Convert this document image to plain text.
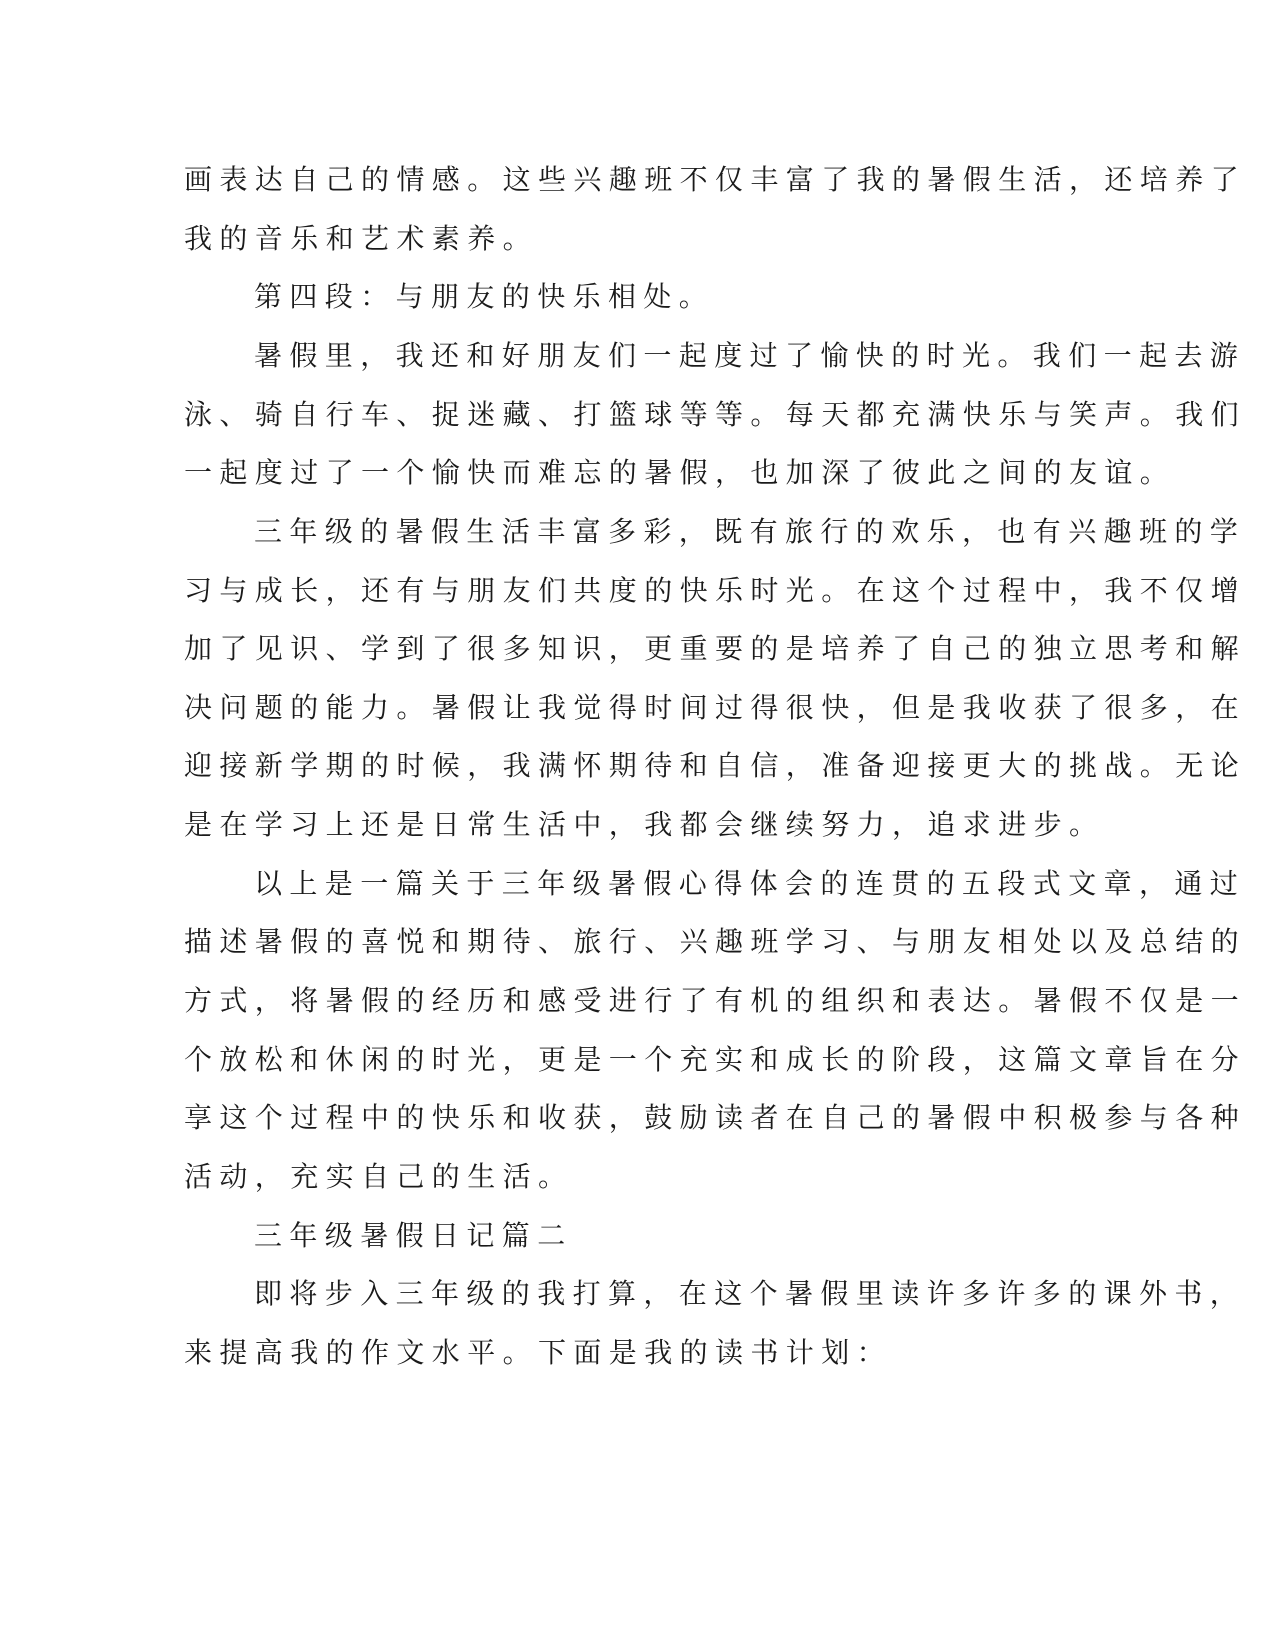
画表达自己的情感。这些兴趣班不仅丰富了我的暑假生活，还培养了
我的音乐和艺术素养。
第四段：与朋友的快乐相处。
暑假里，我还和好朋友们一起度过了愉快的时光。我们一起去游
泳、骑自行车、捉迷藏、打篮球等等。每天都充满快乐与笑声。我们
一起度过了一个愉快而难忘的暑假，也加深了彼此之间的友谊。
三年级的暑假生活丰富多彩，既有旅行的欢乐，也有兴趣班的学
习与成长，还有与朋友们共度的快乐时光。在这个过程中，我不仅增
加了见识、学到了很多知识，更重要的是培养了自己的独立思考和解
决问题的能力。暑假让我觉得时间过得很快，但是我收获了很多，在
迎接新学期的时候，我满怀期待和自信，准备迎接更大的挑战。无论
是在学习上还是日常生活中，我都会继续努力，追求进步。
以上是一篇关于三年级暑假心得体会的连贯的五段式文章，通过
描述暑假的喜悦和期待、旅行、兴趣班学习、与朋友相处以及总结的
方式，将暑假的经历和感受进行了有机的组织和表达。暑假不仅是一
个放松和休闲的时光，更是一个充实和成长的阶段，这篇文章旨在分
享这个过程中的快乐和收获，鼓励读者在自己的暑假中积极参与各种
活动，充实自己的生活。
三年级暑假日记篇二
即将步入三年级的我打算，在这个暑假里读许多许多的课外书，
来提高我的作文水平。下面是我的读书计划：
